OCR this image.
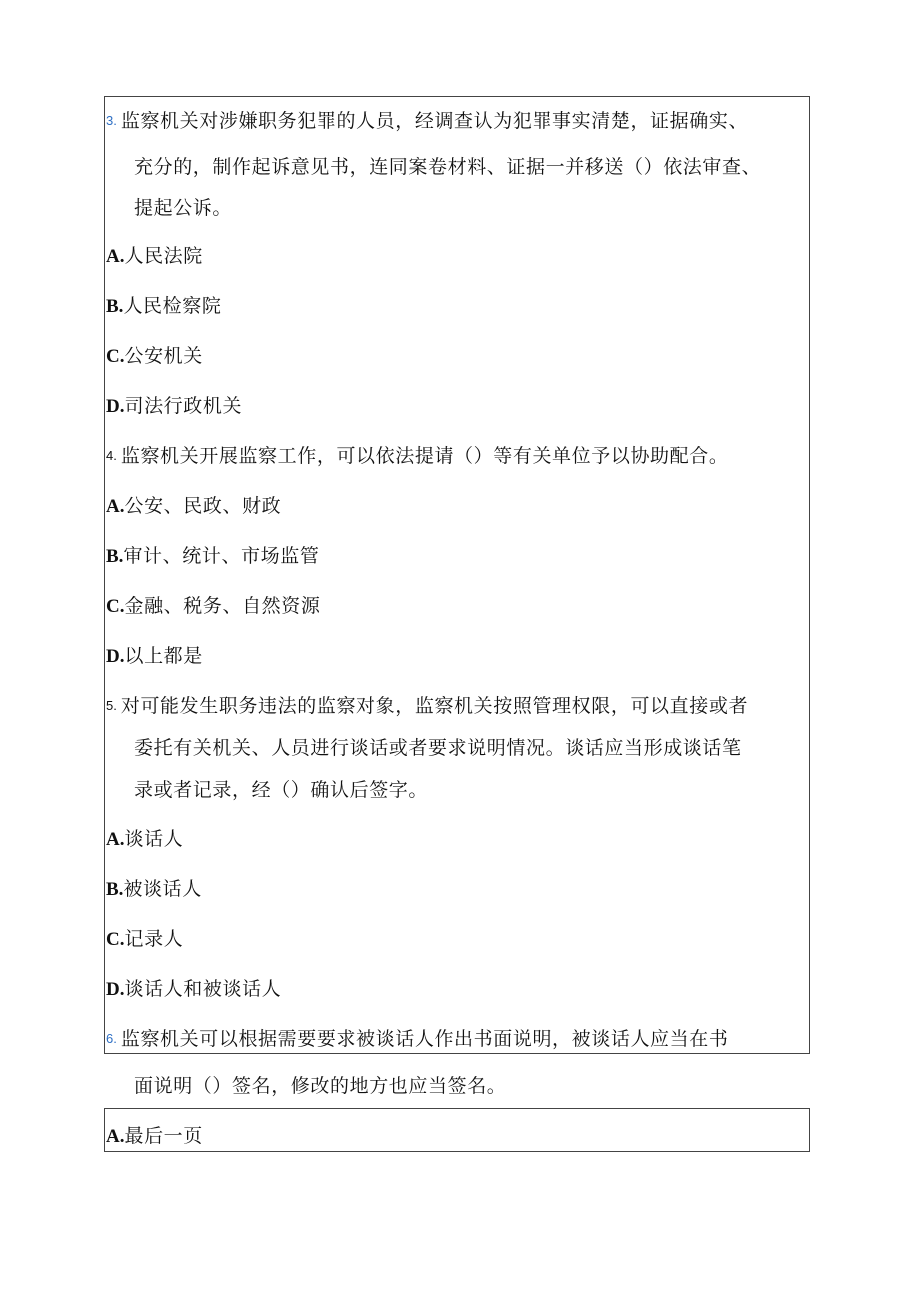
3. 监察机关对涉嫌职务犯罪的人员，经调查认为犯罪事实清楚，证据确实、
充分的，制作起诉意见书，连同案卷材料、证据一并移送（）依法审查、
提起公诉。
A.人民法院
B.人民检察院
C.公安机关
D.司法行政机关
4. 监察机关开展监察工作，可以依法提请（）等有关单位予以协助配合。
A.公安、民政、财政
B.审计、统计、市场监管
C.金融、税务、自然资源
D.以上都是
5. 对可能发生职务违法的监察对象，监察机关按照管理权限，可以直接或者
委托有关机关、人员进行谈话或者要求说明情况。谈话应当形成谈话笔
录或者记录，经（）确认后签字。
A.谈话人
B.被谈话人
C.记录人
D.谈话人和被谈话人
6. 监察机关可以根据需要要求被谈话人作出书面说明，被谈话人应当在书
面说明（）签名，修改的地方也应当签名。
A.最后一页
